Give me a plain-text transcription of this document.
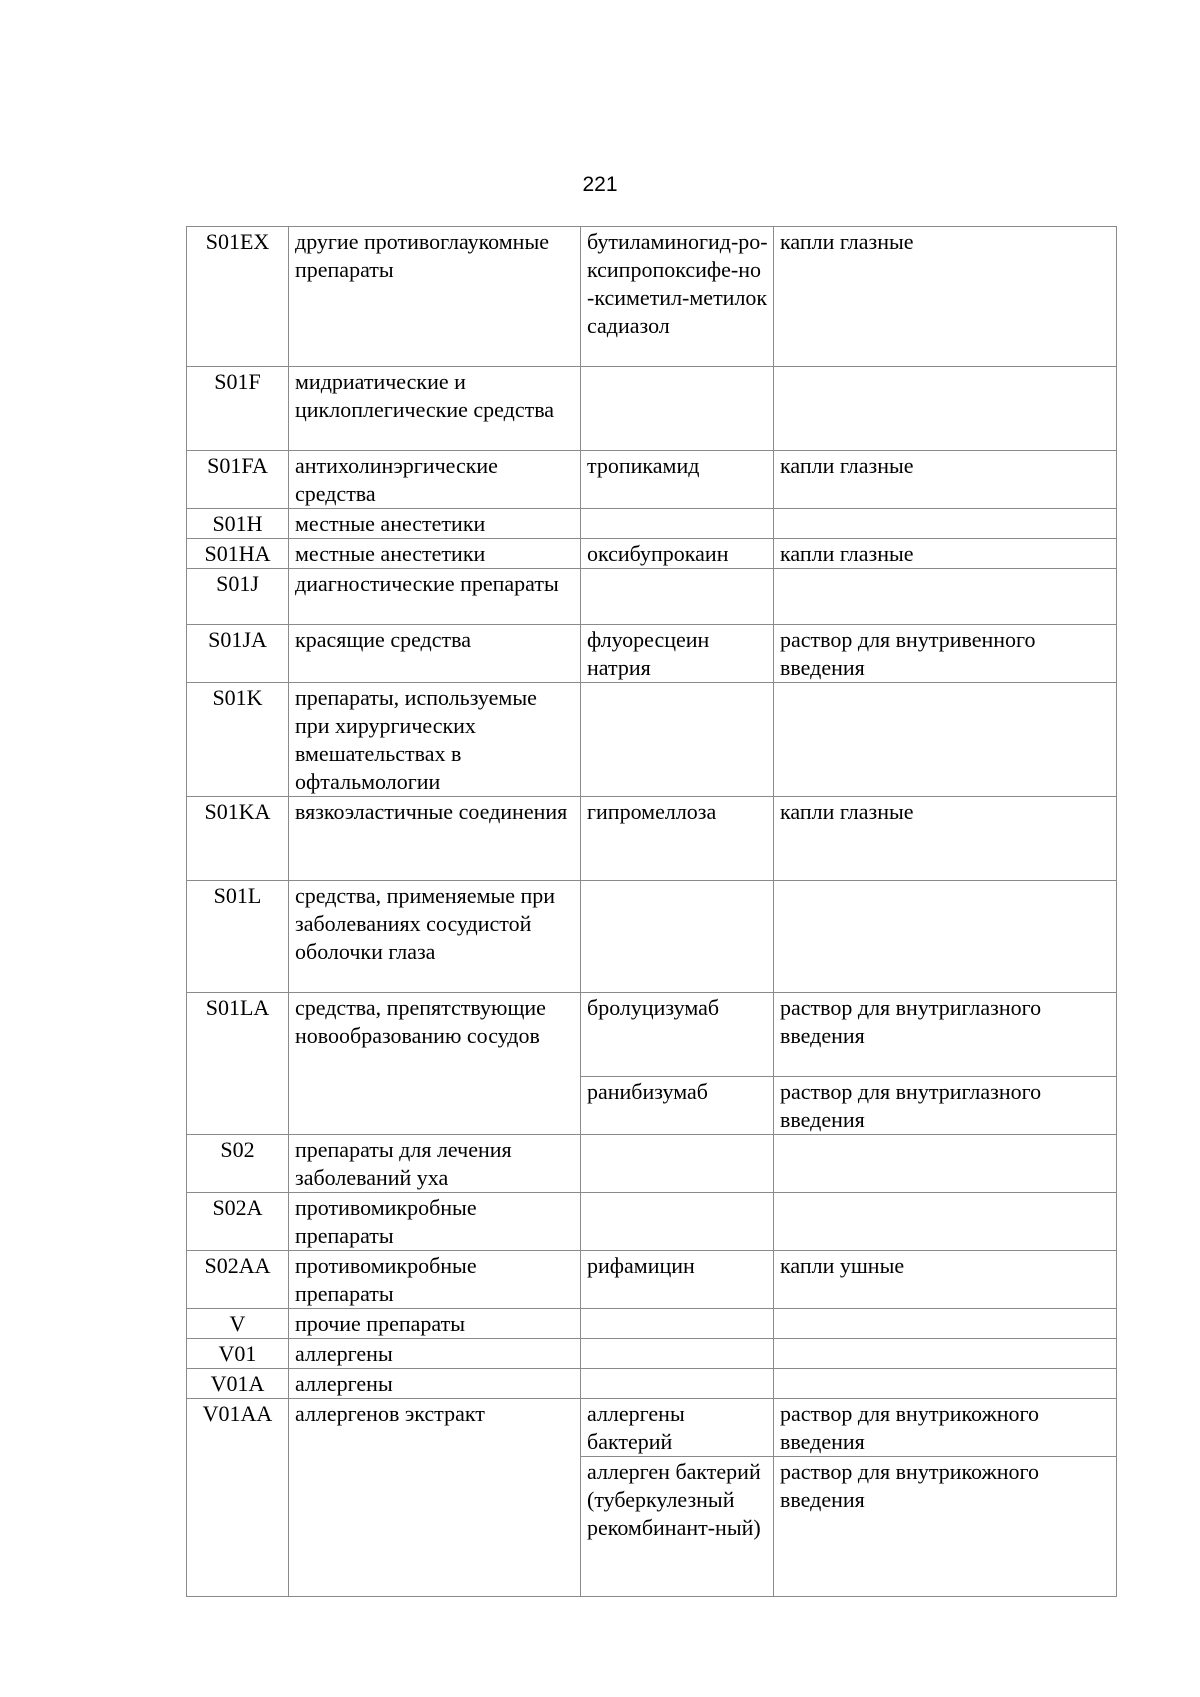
221
S01EX	другие противоглаукомные препараты	бутиламиногид-ро-ксипропоксифе-но-ксиметил-метилоксадиазол	капли глазные
S01F	мидриатические и циклоплегические средства		
S01FA	антихолинэргические средства	тропикамид	капли глазные
S01H	местные анестетики		
S01HA	местные анестетики	оксибупрокаин	капли глазные
S01J	диагностические препараты		
S01JA	красящие средства	флуоресцеин натрия	раствор для внутривенного введения
S01K	препараты, используемые при хирургических вмешательствах в офтальмологии		
S01KA	вязкоэластичные соединения	гипромеллоза	капли глазные
S01L	средства, применяемые при заболеваниях сосудистой оболочки глаза		
S01LA	средства, препятствующие новообразованию сосудов	бролуцизумаб	раствор для внутриглазного введения
		ранибизумаб	раствор для внутриглазного введения
S02	препараты для лечения заболеваний уха		
S02A	противомикробные препараты		
S02AA	противомикробные препараты	рифамицин	капли ушные
V	прочие препараты		
V01	аллергены		
V01A	аллергены		
V01AA	аллергенов экстракт	аллергены бактерий	раствор для внутрикожного введения
		аллерген бактерий (туберкулезный рекомбинант-ный)	раствор для внутрикожного введения
